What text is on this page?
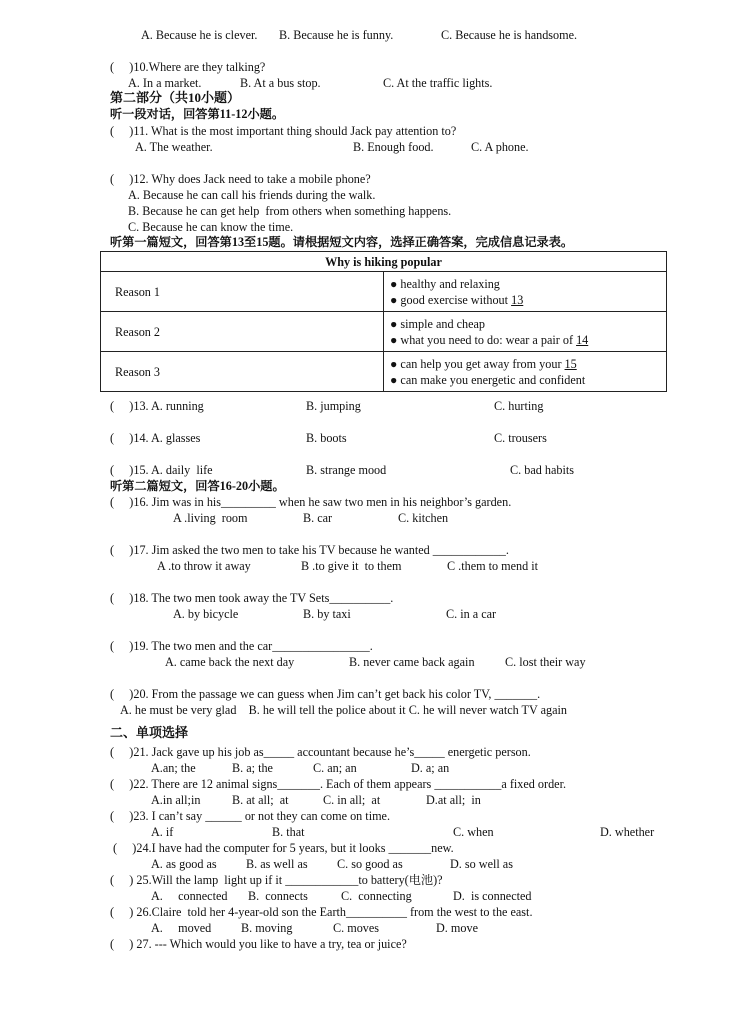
A. Because he is clever.

B. Because he is funny.

	C. Because he is handsome.

(     )10.Where are they talking?

A. In a market.

	B. At a bus stop.

	C. At the traffic lights.

第二部分（共10小题）
听一段对话，回答第11-12小题。
(     )11. What is the most important thing should Jack pay attention to?

A. The weather.

	B. Enough food.

	C. A phone.

(     )12. Why does Jack need to take a mobile phone?
A. Because he can call his friends during the walk.
B. Because he can get help  from others when something happens.
C. Because he can know the time.
听第一篇短文，回答第13至15题。请根据短文内容，选择正确答案，完成信息记录表。
Why is hiking popular	
Reason 1	● healthy and relaxing
● good exercise without 13

Reason 2	● simple and cheap
● what you need to do: wear a pair of 14

Reason 3	● can help you get away from your 15
● can make you energetic and confident

(     )13. A. running

	B. jumping

	C. hurting

(     )14. A. glasses

	B. boots

	C. trousers

(     )15. A. daily  life

	B. strange mood

	C. bad habits

听第二篇短文，回答16-20小题。
(     )16. Jim was in his_________ when he saw two men in his neighbor’s garden.

A .living  room

	B. car

	C. kitchen

(     )17. Jim asked the two men to take his TV because he wanted ____________.

A .to throw it away

	B .to give it  to them

	C .them to mend it

(     )18. The two men took away the TV Sets__________.

A. by bicycle

	B. by taxi

	C. in a car

(     )19. The two men and the car________________.

A. came back the next day

	B. never came back again

C. lost their way

(     )20. From the passage we can guess when Jim can’t get back his color TV, _______.
A. he must be very glad    B. he will tell the police about it C. he will never watch TV again
二、单项选择
(     )21. Jack gave up his job as_____ accountant because he’s_____ energetic person.

A.an; the

	B. a; the

	C. an; an

	D. a; an

(     )22. There are 12 animal signs_______. Each of them appears ___________a fixed order.

A.in all;in

	B. at all;  at

	C. in all;  at

	D.at all;  in

(     )23. I can’t say ______ or not they can come on time.

A. if

	B. that

	C. when

	D. whether

(     )24.I have had the computer for 5 years, but it looks _______new.

A. as good as

B. as well as

C. so good as

	D. so well as

(     ) 25.Will the lamp  light up if it ____________to battery(电池)?

A.     connected

B.  connects

	C.  connecting

	D.  is connected

(     ) 26.Claire  told her 4-year-old son the Earth__________ from the west to the east.

A.     moved

B. moving

	C. moves

	D. move

(     ) 27. --- Which would you like to have a try, tea or juice?
